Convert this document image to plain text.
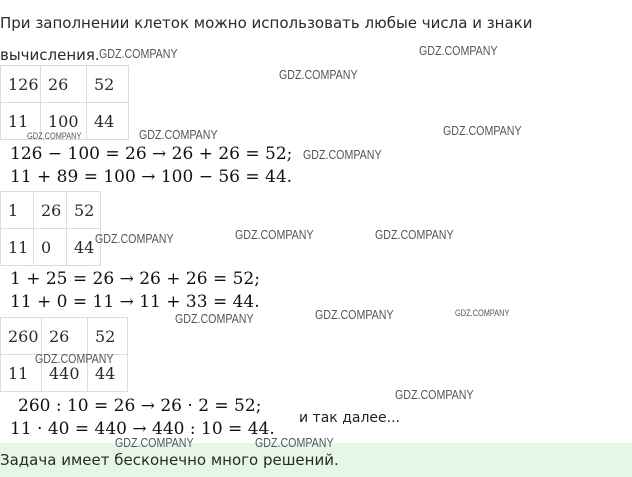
При заполнении клеток можно использовать любые числа и знаки вычисления.
126	26	52
11	100	44
126 − 100 = 26 → 26 + 26 = 52;
11 + 89 = 100 → 100 − 56 = 44.
1	26	52
11	0	44
1 + 25 = 26 → 26 + 26 = 52;
11 + 0 = 11 → 11 + 33 = 44.
260	26	52
11	440	44
260 : 10 = 26 → 26 · 2 = 52;
11 · 40 = 440 → 440 : 10 = 44.
и так далее...
Задача имеет бесконечно много решений.
GDZ.COMPANY	GDZ.COMPANY
GDZ.COMPANY
GDZ.COMPANY	GDZ.COMPANY	GDZ.COMPANY
GDZ.COMPANY
GDZ.COMPANY	GDZ.COMPANY	GDZ.COMPANY
GDZ.COMPANY	GDZ.COMPANY	GDZ.COMPANY
GDZ.COMPANY
GDZ.COMPANY
GDZ.COMPANY	GDZ.COMPANY
